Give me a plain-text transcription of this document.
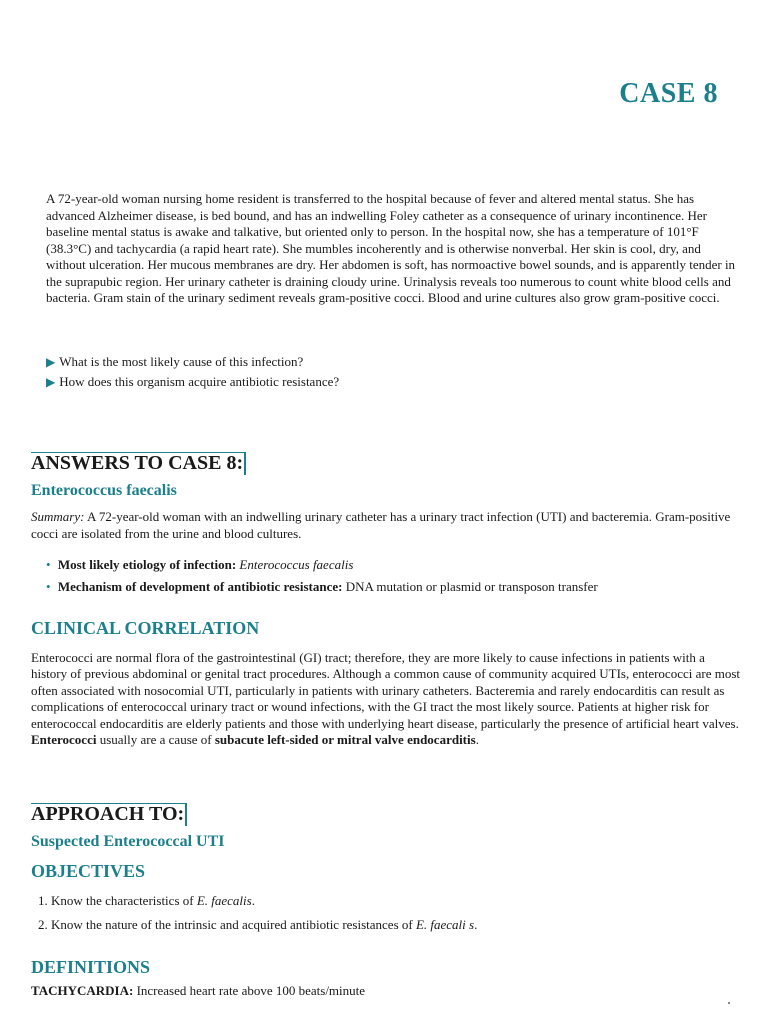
CASE 8
A 72-year-old woman nursing home resident is transferred to the hospital because of fever and altered mental status. She has advanced Alzheimer disease, is bed bound, and has an indwelling Foley catheter as a consequence of urinary incontinence. Her baseline mental status is awake and talkative, but oriented only to person. In the hospital now, she has a temperature of 101°F (38.3°C) and tachycardia (a rapid heart rate). She mumbles incoherently and is otherwise nonverbal. Her skin is cool, dry, and without ulceration. Her mucous membranes are dry. Her abdomen is soft, has normoactive bowel sounds, and is apparently tender in the suprapubic region. Her urinary catheter is draining cloudy urine. Urinalysis reveals too numerous to count white blood cells and bacteria. Gram stain of the urinary sediment reveals gram-positive cocci. Blood and urine cultures also grow gram-positive cocci.
▶ What is the most likely cause of this infection?
▶ How does this organism acquire antibiotic resistance?
ANSWERS TO CASE 8:
Enterococcus faecalis
Summary: A 72-year-old woman with an indwelling urinary catheter has a urinary tract infection (UTI) and bacteremia. Gram-positive cocci are isolated from the urine and blood cultures.
• Most likely etiology of infection: Enterococcus faecalis
• Mechanism of development of antibiotic resistance: DNA mutation or plasmid or transposon transfer
CLINICAL CORRELATION
Enterococci are normal flora of the gastrointestinal (GI) tract; therefore, they are more likely to cause infections in patients with a history of previous abdominal or genital tract procedures. Although a common cause of community acquired UTIs, enterococci are most often associated with nosocomial UTI, particularly in patients with urinary catheters. Bacteremia and rarely endocarditis can result as complications of enterococcal urinary tract or wound infections, with the GI tract the most likely source. Patients at higher risk for enterococcal endocarditis are elderly patients and those with underlying heart disease, particularly the presence of artificial heart valves. Enterococci usually are a cause of subacute left-sided or mitral valve endocarditis.
APPROACH TO:
Suspected Enterococcal UTI
OBJECTIVES
1. Know the characteristics of E. faecalis.
2. Know the nature of the intrinsic and acquired antibiotic resistances of E. faecali s.
DEFINITIONS
TACHYCARDIA: Increased heart rate above 100 beats/minute
